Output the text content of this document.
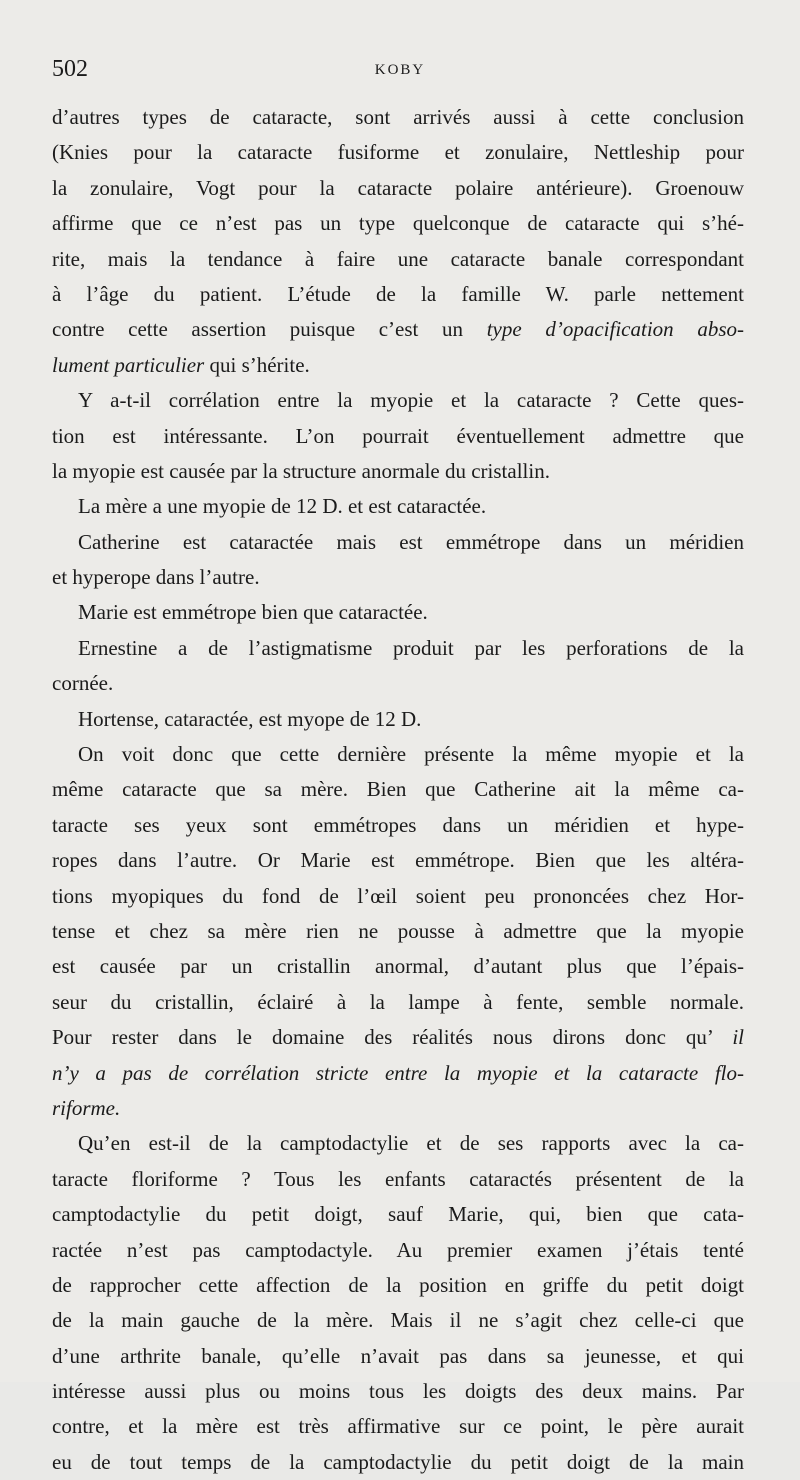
502	KOBY
d’autres types de cataracte, sont arrivés aussi à cette conclusion
(Knies pour la cataracte fusiforme et zonulaire, Nettleship pour
la zonulaire, Vogt pour la cataracte polaire antérieure). Groenouw
affirme que ce n’est pas un type quelconque de cataracte qui s’hé-
rite, mais la tendance à faire une cataracte banale correspondant
à l’âge du patient. L’étude de la famille W. parle nettement
contre cette assertion puisque c’est un type d’opacification abso-
lument particulier qui s’hérite.
Y a-t-il corrélation entre la myopie et la cataracte ? Cette ques-
tion est intéressante. L’on pourrait éventuellement admettre que
la myopie est causée par la structure anormale du cristallin.
La mère a une myopie de 12 D. et est cataractée.
Catherine est cataractée mais est emmétrope dans un méridien
et hyperope dans l’autre.
Marie est emmétrope bien que cataractée.
Ernestine a de l’astigmatisme produit par les perforations de la
cornée.
Hortense, cataractée, est myope de 12 D.
On voit donc que cette dernière présente la même myopie et la
même cataracte que sa mère. Bien que Catherine ait la même ca-
taracte ses yeux sont emmétropes dans un méridien et hype-
ropes dans l’autre. Or Marie est emmétrope. Bien que les altéra-
tions myopiques du fond de l’œil soient peu prononcées chez Hor-
tense et chez sa mère rien ne pousse à admettre que la myopie
est causée par un cristallin anormal, d’autant plus que l’épais-
seur du cristallin, éclairé à la lampe à fente, semble normale.
Pour rester dans le domaine des réalités nous dirons donc qu’ il
n’y a pas de corrélation stricte entre la myopie et la cataracte flo-
riforme.
Qu’en est-il de la camptodactylie et de ses rapports avec la ca-
taracte floriforme ? Tous les enfants cataractés présentent de la
camptodactylie du petit doigt, sauf Marie, qui, bien que cata-
ractée n’est pas camptodactyle. Au premier examen j’étais tenté
de rapprocher cette affection de la position en griffe du petit doigt
de la main gauche de la mère. Mais il ne s’agit chez celle-ci que
d’une arthrite banale, qu’elle n’avait pas dans sa jeunesse, et qui
intéresse aussi plus ou moins tous les doigts des deux mains. Par
contre, et la mère est très affirmative sur ce point, le père aurait
eu de tout temps de la camptodactylie du petit doigt de la main
